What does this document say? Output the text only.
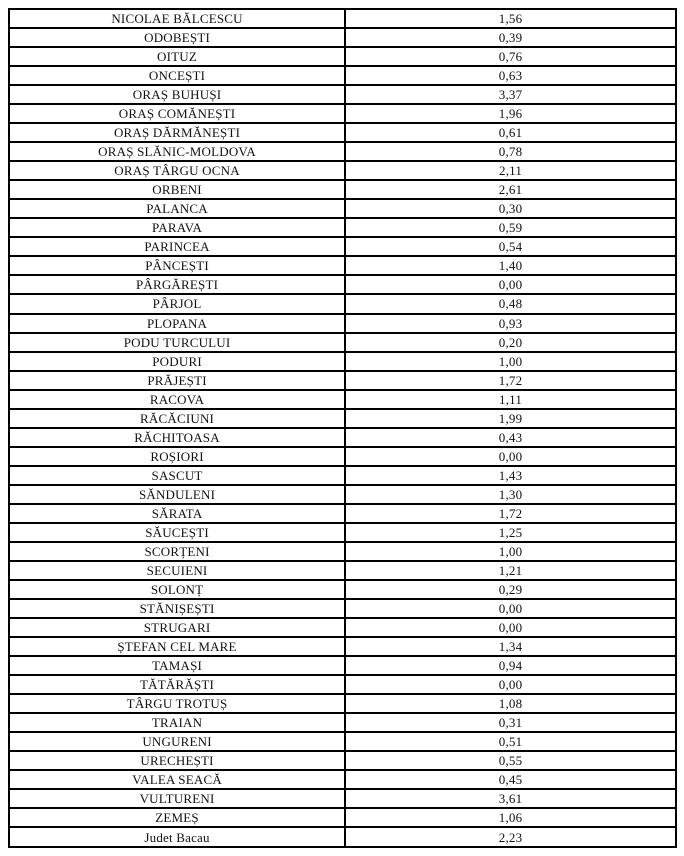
NICOLAE BĂLCESCU	1,56
ODOBEȘTI	0,39
OITUZ	0,76
ONCEȘTI	0,63
ORAȘ BUHUȘI	3,37
ORAȘ COMĂNEȘTI	1,96
ORAȘ DĂRMĂNEȘTI	0,61
ORAȘ SLĂNIC-MOLDOVA	0,78
ORAȘ TÂRGU OCNA	2,11
ORBENI	2,61
PALANCA	0,30
PARAVA	0,59
PARINCEA	0,54
PÂNCEȘTI	1,40
PÂRGĂREȘTI	0,00
PÂRJOL	0,48
PLOPANA	0,93
PODU TURCULUI	0,20
PODURI	1,00
PRĂJEȘTI	1,72
RACOVA	1,11
RĂCĂCIUNI	1,99
RĂCHITOASA	0,43
ROȘIORI	0,00
SASCUT	1,43
SĂNDULENI	1,30
SĂRATA	1,72
SĂUCEȘTI	1,25
SCORȚENI	1,00
SECUIENI	1,21
SOLONȚ	0,29
STĂNIȘEȘTI	0,00
STRUGARI	0,00
ȘTEFAN CEL MARE	1,34
TAMAȘI	0,94
TĂTĂRĂȘTI	0,00
TÂRGU TROTUȘ	1,08
TRAIAN	0,31
UNGURENI	0,51
URECHEȘTI	0,55
VALEA SEACĂ	0,45
VULTURENI	3,61
ZEMEȘ	1,06
Judet Bacau	2,23
